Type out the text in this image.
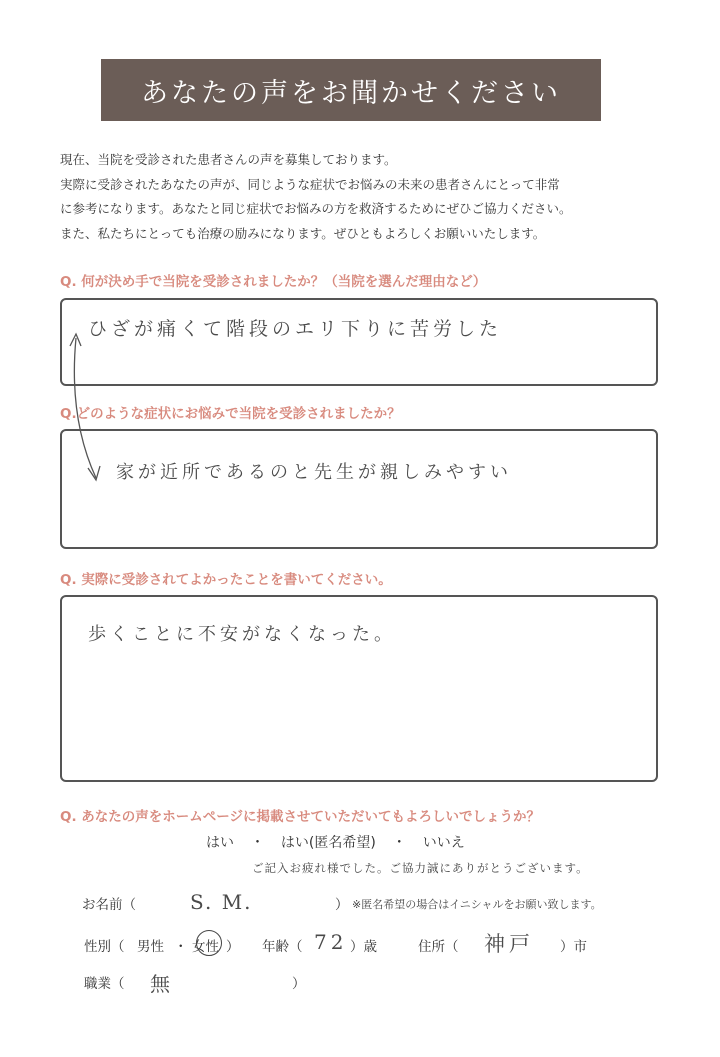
あなたの声をお聞かせください
現在、当院を受診された患者さんの声を募集しております。
実際に受診されたあなたの声が、同じような症状でお悩みの未来の患者さんにとって非常
に参考になります。あなたと同じ症状でお悩みの方を救済するためにぜひご協力ください。
また、私たちにとっても治療の励みになります。ぜひともよろしくお願いいたします。
Q. 何が決め手で当院を受診されましたか？（当院を選んだ理由など）
ひざが痛くて階段のエリ下りに苦労した
Q.どのような症状にお悩みで当院を受診されましたか？
家が近所であるのと先生が親しみやすい
Q. 実際に受診されてよかったことを書いてください。
歩くことに不安がなくなった。
Q. あなたの声をホームページに掲載させていただいてもよろしいでしょうか？
はい ・ はい(匿名希望) ・ いいえ
ご記入お疲れ様でした。ご協力誠にありがとうございます。
お名前（	S. M.	） ※匿名希望の場合はイニシャルをお願い致します。
性別（ 男性 ・ 女性 ） 年齢（ 72 ）歳	住所（ 神戸 ）市
職業（ 無	）
